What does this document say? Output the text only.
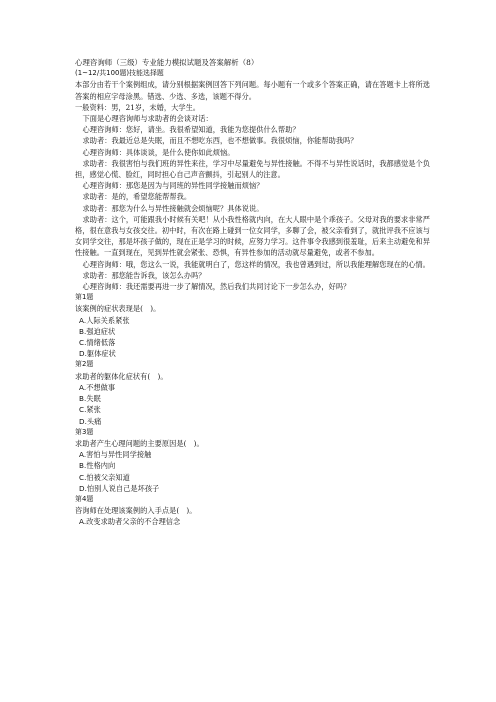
心理咨询师（三级）专业能力模拟试题及答案解析（8）
(1~12/共100题)技能选择题
本部分由若干个案例组成，请分别根据案例回答下列问题。每小题有一个或多个答案正确，请在答题卡上将所选答案的相应字母涂黑。错选、少选、多选，该题不得分。
一般资料：男，21岁，未婚，大学生。
下面是心理咨询师与求助者的会谈对话：
心理咨询师：您好，请坐。我很希望知道，我能为您提供什么帮助？
求助者：我最近总是失眠，而且不想吃东西，也不想做事。我很烦恼，你能帮助我吗？
心理咨询师：具体谈谈，是什么使你如此烦恼。
求助者：我很害怕与我们班的异性来往，学习中尽量避免与异性接触。不得不与异性说话时，我都感觉是个负担，感觉心慌、脸红，同时担心自己声音颤抖，引起别人的注意。
心理咨询师：那您是因为与同班的异性同学接触而烦恼？
求助者：是的，希望您能帮帮我。
求助者：那您为什么与异性接触就会烦恼呢？具体说说。
求助者：这个，可能跟我小时候有关吧！从小我性格就内向，在大人眼中是个乖孩子。父母对我的要求非常严格，很在意我与女孩交往。初中时，有次在路上碰到一位女同学，多聊了会，被父亲看到了，就批评我不应该与女同学交往，那是坏孩子做的，现在正是学习的时候，应努力学习。这件事令我感到很羞耻，后来主动避免和异性接触。一直到现在，见到异性就会紧张、恐惧，有异性参加的活动就尽量避免，或者不参加。
心理咨询师：哦，您这么一说，我能就明白了，您这样的情况，我也曾遇到过，所以我能理解您现在的心情。
求助者：那您能告诉我，该怎么办吗？
心理咨询师：我还需要再进一步了解情况，然后我们共同讨论下一步怎么办，好吗？
第1题
该案例的症状表现是(　)。
A.人际关系紧张
B.强迫症状
C.情绪低落
D.躯体症状
第2题
求助者的躯体化症状有(　)。
A.不想做事
B.失眠
C.紧张
D.头痛
第3题
求助者产生心理问题的主要原因是(　)。
A.害怕与异性同学接触
B.性格内向
C.怕被父亲知道
D.怕别人说自己是坏孩子
第4题
咨询师在处理该案例的入手点是(　)。
A.改变求助者父亲的不合理信念
